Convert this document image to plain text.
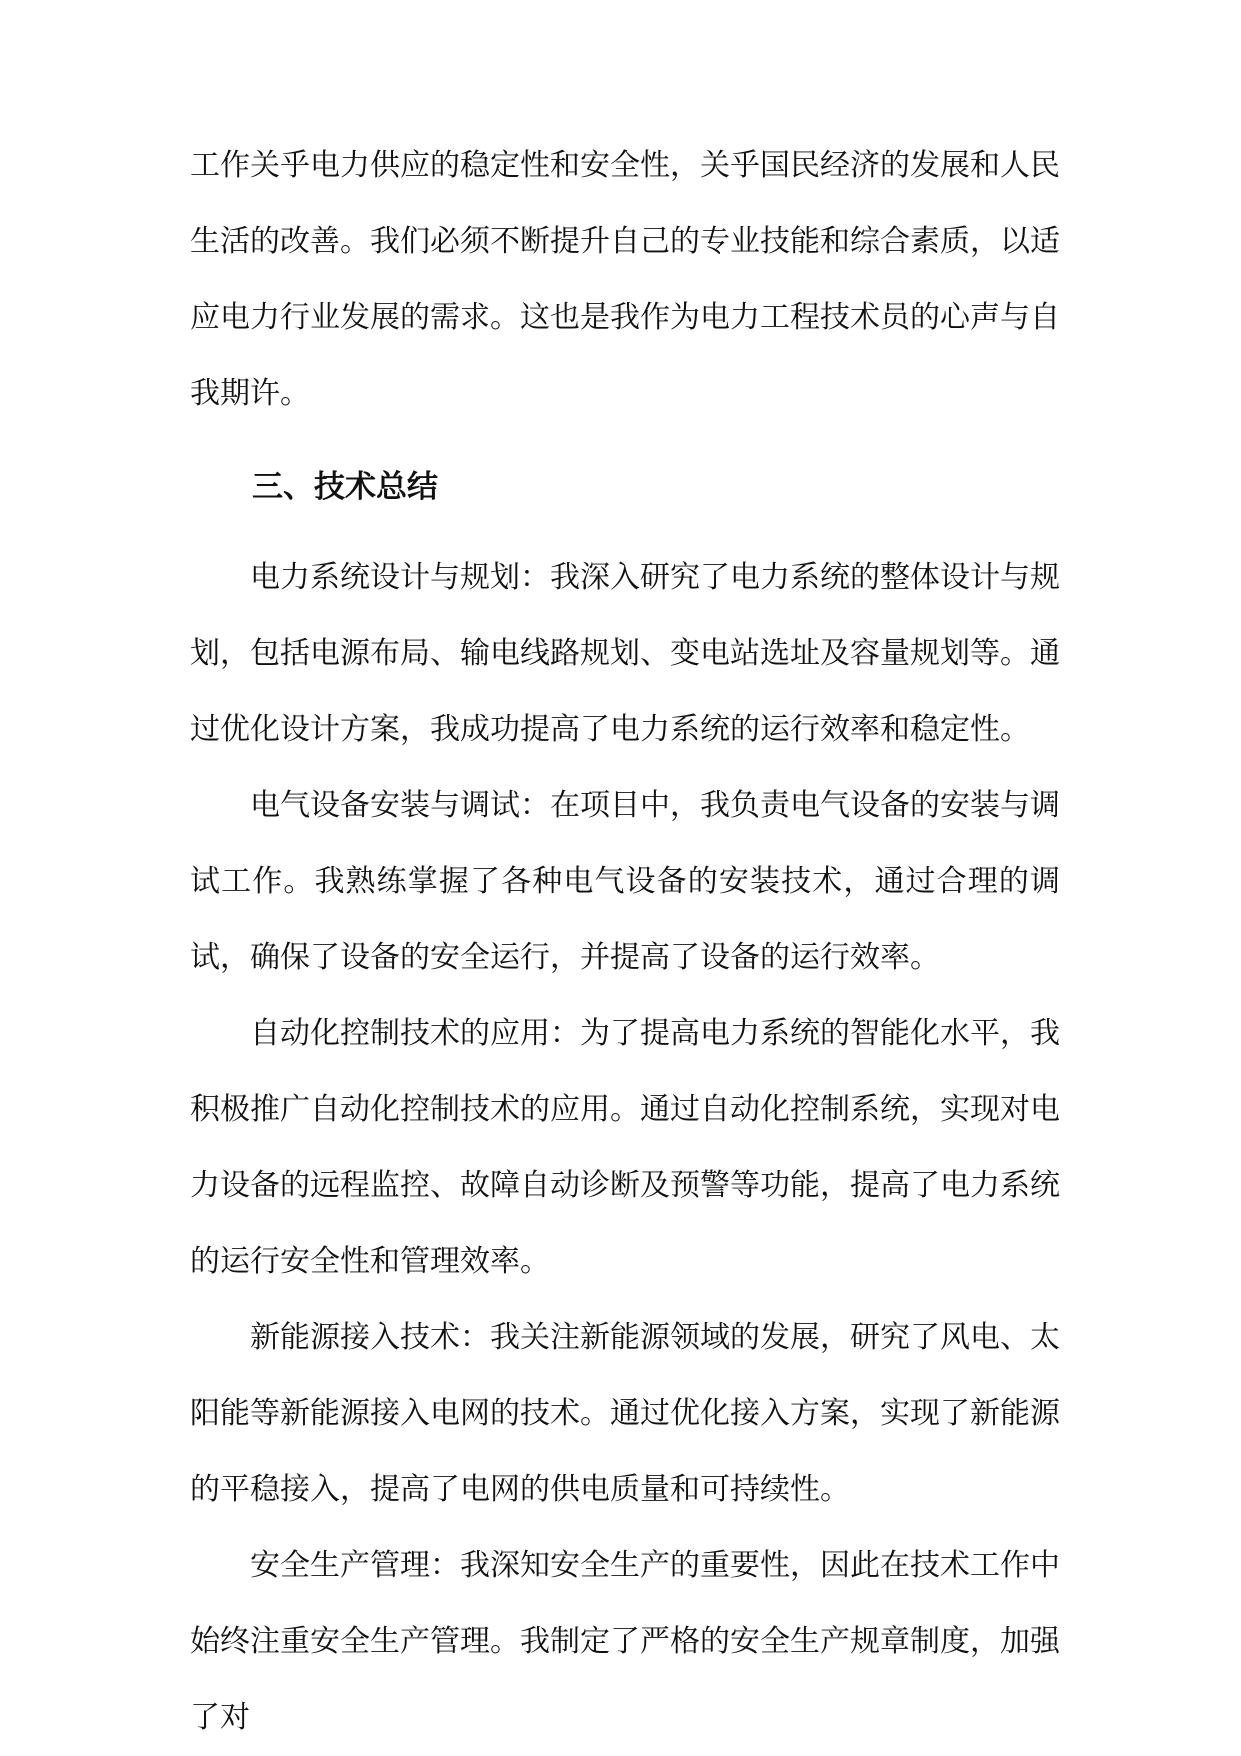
工作关乎电力供应的稳定性和安全性，关乎国民经济的发展和人民生活的改善。我们必须不断提升自己的专业技能和综合素质，以适应电力行业发展的需求。这也是我作为电力工程技术员的心声与自我期许。

三、技术总结

电力系统设计与规划：我深入研究了电力系统的整体设计与规划，包括电源布局、输电线路规划、变电站选址及容量规划等。通过优化设计方案，我成功提高了电力系统的运行效率和稳定性。

电气设备安装与调试：在项目中，我负责电气设备的安装与调试工作。我熟练掌握了各种电气设备的安装技术，通过合理的调试，确保了设备的安全运行，并提高了设备的运行效率。

自动化控制技术的应用：为了提高电力系统的智能化水平，我积极推广自动化控制技术的应用。通过自动化控制系统，实现对电力设备的远程监控、故障自动诊断及预警等功能，提高了电力系统的运行安全性和管理效率。

新能源接入技术：我关注新能源领域的发展，研究了风电、太阳能等新能源接入电网的技术。通过优化接入方案，实现了新能源的平稳接入，提高了电网的供电质量和可持续性。

安全生产管理：我深知安全生产的重要性，因此在技术工作中始终注重安全生产管理。我制定了严格的安全生产规章制度，加强了对
